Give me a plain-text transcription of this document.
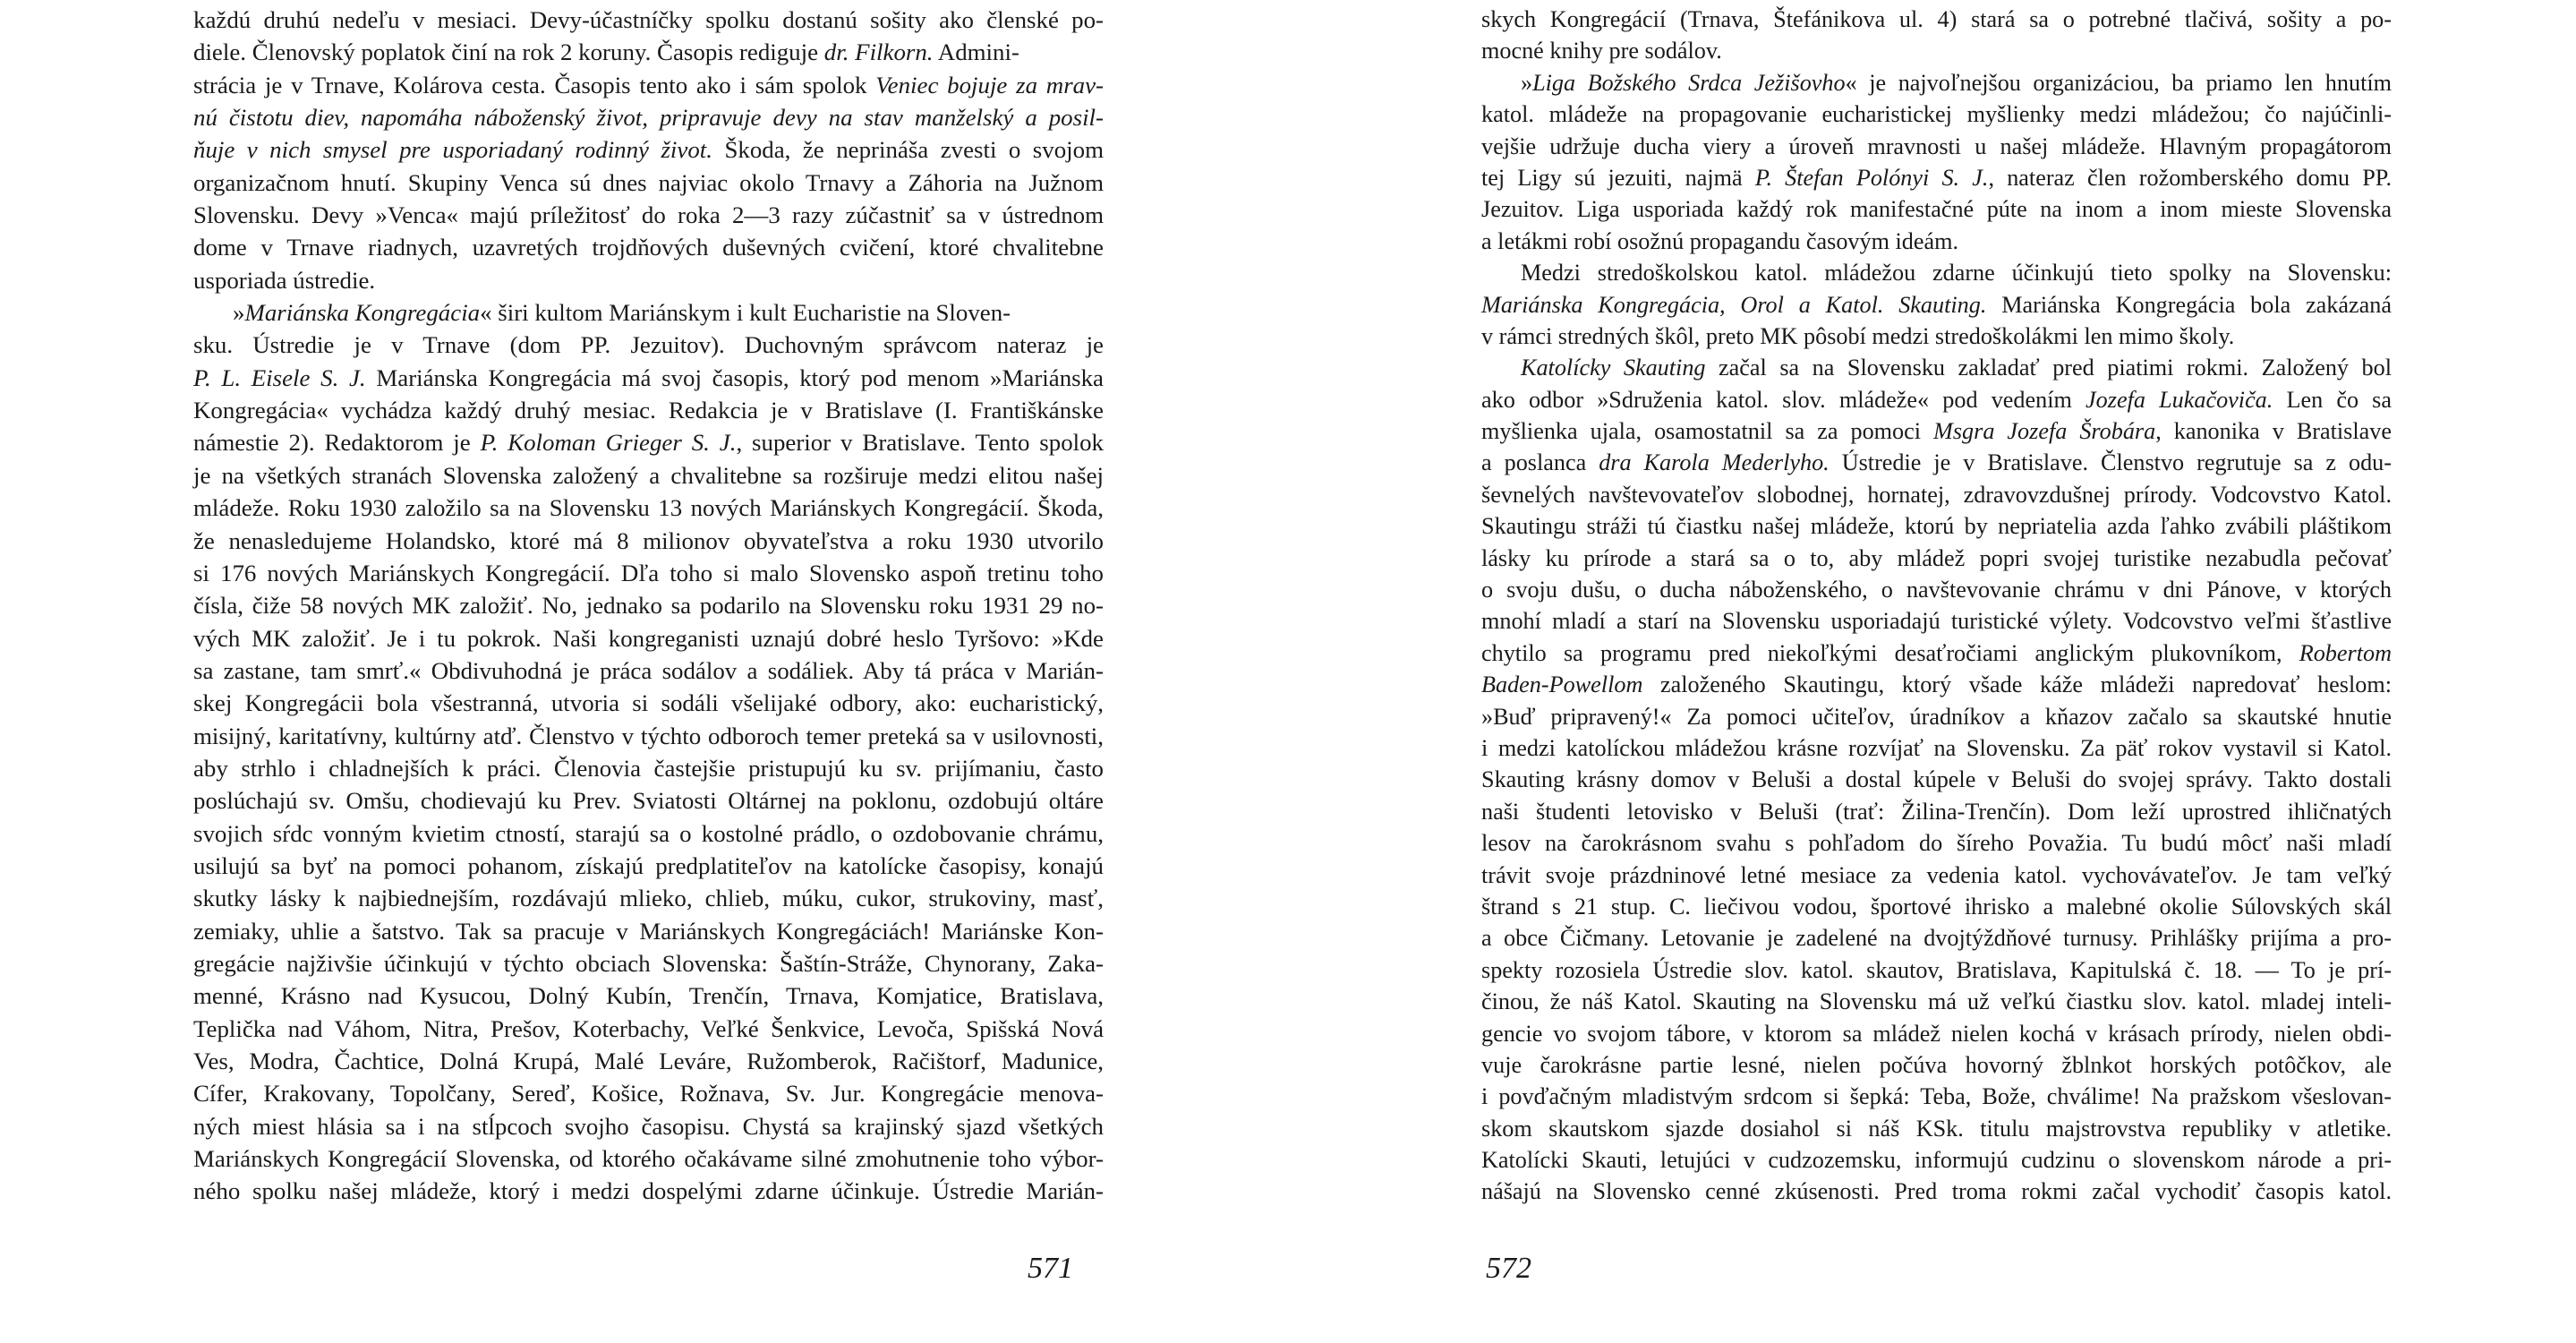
každú druhú nedeľu v mesiaci. Devy-účastníčky spolku dostanú sošity ako členské po-
diele. Členovský poplatok činí na rok 2 koruny. Časopis rediguje dr. Filkorn. Admini-
strácia je v Trnave, Kolárova cesta. Časopis tento ako i sám spolok Veniec bojuje za mrav-
nú čistotu diev, napomáha náboženský život, pripravuje devy na stav manželský a posil-
ňuje v nich smysel pre usporiadaný rodinný život. Škoda, že neprináša zvesti o svojom
organizačnom hnutí. Skupiny Venca sú dnes najviac okolo Trnavy a Záhoria na Južnom
Slovensku. Devy »Venca« majú príležitosť do roka 2—3 razy zúčastniť sa v ústrednom
dome v Trnave riadnych, uzavretých trojdňových duševných cvičení, ktoré chvalitebne
usporiada ústredie.
»Mariánska Kongregácia« širi kultom Mariánskym i kult Eucharistie na Sloven-
sku. Ústredie je v Trnave (dom PP. Jezuitov). Duchovným správcom nateraz je
P. L. Eisele S. J. Mariánska Kongregácia má svoj časopis, ktorý pod menom »Mariánska
Kongregácia« vychádza každý druhý mesiac. Redakcia je v Bratislave (I. Františkánske
námestie 2). Redaktorom je P. Koloman Grieger S. J., superior v Bratislave. Tento spolok
je na všetkých stranách Slovenska založený a chvalitebne sa rozširuje medzi elitou našej
mládeže. Roku 1930 založilo sa na Slovensku 13 nových Mariánskych Kongregácií. Škoda,
že nenasledujeme Holandsko, ktoré má 8 milionov obyvateľstva a roku 1930 utvorilo
si 176 nových Mariánskych Kongregácií. Dľa toho si malo Slovensko aspoň tretinu toho
čísla, čiže 58 nových MK založiť. No, jednako sa podarilo na Slovensku roku 1931 29 no-
vých MK založiť. Je i tu pokrok. Naši kongreganisti uznajú dobré heslo Tyršovo: »Kde
sa zastane, tam smrť.« Obdivuhodná je práca sodálov a sodáliek. Aby tá práca v Marián-
skej Kongregácii bola všestranná, utvoria si sodáli všelijaké odbory, ako: eucharistický,
misijný, karitatívny, kultúrny atď. Členstvo v týchto odboroch temer preteká sa v usilovnosti,
aby strhlo i chladnejších k práci. Členovia častejšie pristupujú ku sv. prijímaniu, často
poslúchajú sv. Omšu, chodievajú ku Prev. Sviatosti Oltárnej na poklonu, ozdobujú oltáre
svojich sŕdc vonným kvietim ctností, starajú sa o kostolné prádlo, o ozdobovanie chrámu,
usilujú sa byť na pomoci pohanom, získajú predplatiteľov na katolícke časopisy, konajú
skutky lásky k najbiednejším, rozdávajú mlieko, chlieb, múku, cukor, strukoviny, masť,
zemiaky, uhlie a šatstvo. Tak sa pracuje v Mariánskych Kongregáciách! Mariánske Kon-
gregácie najživšie účinkujú v týchto obciach Slovenska: Šaštín-Stráže, Chynorany, Zaka-
menné, Krásno nad Kysucou, Dolný Kubín, Trenčín, Trnava, Komjatice, Bratislava,
Teplička nad Váhom, Nitra, Prešov, Koterbachy, Veľké Šenkvice, Levoča, Spišská Nová
Ves, Modra, Čachtice, Dolná Krupá, Malé Leváre, Ružomberok, Račištorf, Madunice,
Cífer, Krakovany, Topolčany, Sereď, Košice, Rožnava, Sv. Jur. Kongregácie menova-
ných miest hlásia sa i na stĺpcoch svojho časopisu. Chystá sa krajinský sjazd všetkých
Mariánskych Kongregácií Slovenska, od ktorého očakávame silné zmohutnenie toho výbor-
ného spolku našej mládeže, ktorý i medzi dospelými zdarne účinkuje. Ústredie Marián-
skych Kongregácií (Trnava, Štefánikova ul. 4) stará sa o potrebné tlačivá, sošity a po-
mocné knihy pre sodálov.
»Liga Božského Srdca Ježišovho« je najvoľnejšou organizáciou, ba priamo len hnutím
katol. mládeže na propagovanie eucharistickej myšlienky medzi mládežou; čo najúčinli-
vejšie udržuje ducha viery a úroveň mravnosti u našej mládeže. Hlavným propagátorom
tej Ligy sú jezuiti, najmä P. Štefan Polónyi S. J., nateraz člen rožomberského domu PP.
Jezuitov. Liga usporiada každý rok manifestačné púte na inom a inom mieste Slovenska
a letákmi robí osožnú propagandu časovým ideám.
Medzi stredoškolskou katol. mládežou zdarne účinkujú tieto spolky na Slovensku:
Mariánska Kongregácia, Orol a Katol. Skauting. Mariánska Kongregácia bola zakázaná
v rámci stredných škôl, preto MK pôsobí medzi stredoškolákmi len mimo školy.
Katolícky Skauting začal sa na Slovensku zakladať pred piatimi rokmi. Založený bol
ako odbor »Sdruženia katol. slov. mládeže« pod vedením Jozefa Lukačoviča. Len čo sa
myšlienka ujala, osamostatnil sa za pomoci Msgra Jozefa Šrobára, kanonika v Bratislave
a poslanca dra Karola Mederlyho. Ústredie je v Bratislave. Členstvo regrutuje sa z odu-
ševnelých navštevovateľov slobodnej, hornatej, zdravovzdušnej prírody. Vodcovstvo Katol.
Skautingu stráži tú čiastku našej mládeže, ktorú by nepriatelia azda ľahko zvábili pláštikom
lásky ku prírode a stará sa o to, aby mládež popri svojej turistike nezabudla pečovať
o svoju dušu, o ducha náboženského, o navštevovanie chrámu v dni Pánove, v ktorých
mnohí mladí a starí na Slovensku usporiadajú turistické výlety. Vodcovstvo veľmi šťastlive
chytilo sa programu pred niekoľkými desaťročiami anglickým plukovníkom, Robertom
Baden-Powellom založeného Skautingu, ktorý všade káže mládeži napredovať heslom:
»Buď pripravený!« Za pomoci učiteľov, úradníkov a kňazov začalo sa skautské hnutie
i medzi katolíckou mládežou krásne rozvíjať na Slovensku. Za päť rokov vystavil si Katol.
Skauting krásny domov v Beluši a dostal kúpele v Beluši do svojej správy. Takto dostali
naši študenti letovisko v Beluši (trať: Žilina-Trenčín). Dom leží uprostred ihličnatých
lesov na čarokrásnom svahu s pohľadom do šíreho Považia. Tu budú môcť naši mladí
trávit svoje prázdninové letné mesiace za vedenia katol. vychovávateľov. Je tam veľký
štrand s 21 stup. C. liečivou vodou, športové ihrisko a malebné okolie Súlovských skál
a obce Čičmany. Letovanie je zadelené na dvojtýždňové turnusy. Prihlášky prijíma a pro-
spekty rozosiela Ústredie slov. katol. skautov, Bratislava, Kapitulská č. 18. — To je prí-
činou, že náš Katol. Skauting na Slovensku má už veľkú čiastku slov. katol. mladej inteli-
gencie vo svojom tábore, v ktorom sa mládež nielen kochá v krásach prírody, nielen obdi-
vuje čarokrásne partie lesné, nielen počúva hovorný žblnkot horských potôčkov, ale
i povďačným mladistvým srdcom si šepká: Teba, Bože, chválime! Na pražskom všeslovan-
skom skautskom sjazde dosiahol si náš KSk. titulu majstrovstva republiky v atletike.
Katolícki Skauti, letujúci v cudzozemsku, informujú cudzinu o slovenskom národe a pri-
nášajú na Slovensko cenné zkúsenosti. Pred troma rokmi začal vychodiť časopis katol.
571	572
